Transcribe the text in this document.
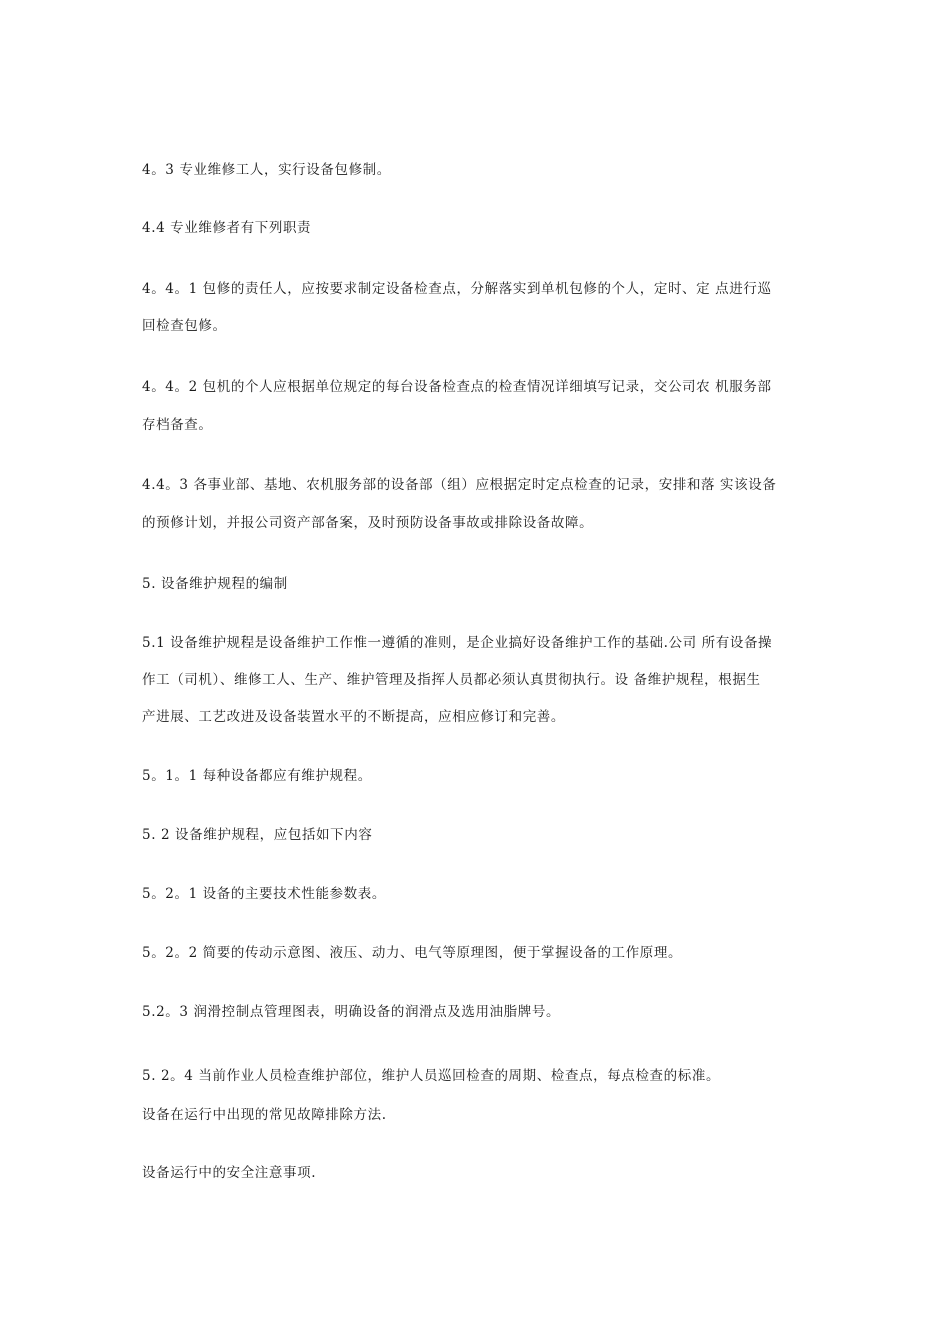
4。3 专业维修工人，实行设备包修制。
4.4 专业维修者有下列职责
4。4。1 包修的责任人，应按要求制定设备检查点，分解落实到单机包修的个人，定时、定 点进行巡
回检查包修。
4。4。2 包机的个人应根据单位规定的每台设备检查点的检查情况详细填写记录，交公司农 机服务部
存档备查。
4.4。3 各事业部、基地、农机服务部的设备部（组）应根据定时定点检查的记录，安排和落 实该设备
的预修计划，并报公司资产部备案，及时预防设备事故或排除设备故障。
5. 设备维护规程的编制
5.1 设备维护规程是设备维护工作惟一遵循的准则，是企业搞好设备维护工作的基础.公司 所有设备操
作工（司机）、维修工人、生产、维护管理及指挥人员都必须认真贯彻执行。设 备维护规程，根据生
产进展、工艺改进及设备装置水平的不断提高，应相应修订和完善。
5。1。1 每种设备都应有维护规程。
5. 2 设备维护规程，应包括如下内容
5。2。1 设备的主要技术性能参数表。
5。2。2 简要的传动示意图、液压、动力、电气等原理图，便于掌握设备的工作原理。
5.2。3 润滑控制点管理图表，明确设备的润滑点及选用油脂牌号。
5. 2。4 当前作业人员检查维护部位，维护人员巡回检查的周期、检查点，每点检查的标准。
设备在运行中出现的常见故障排除方法.
设备运行中的安全注意事项.
